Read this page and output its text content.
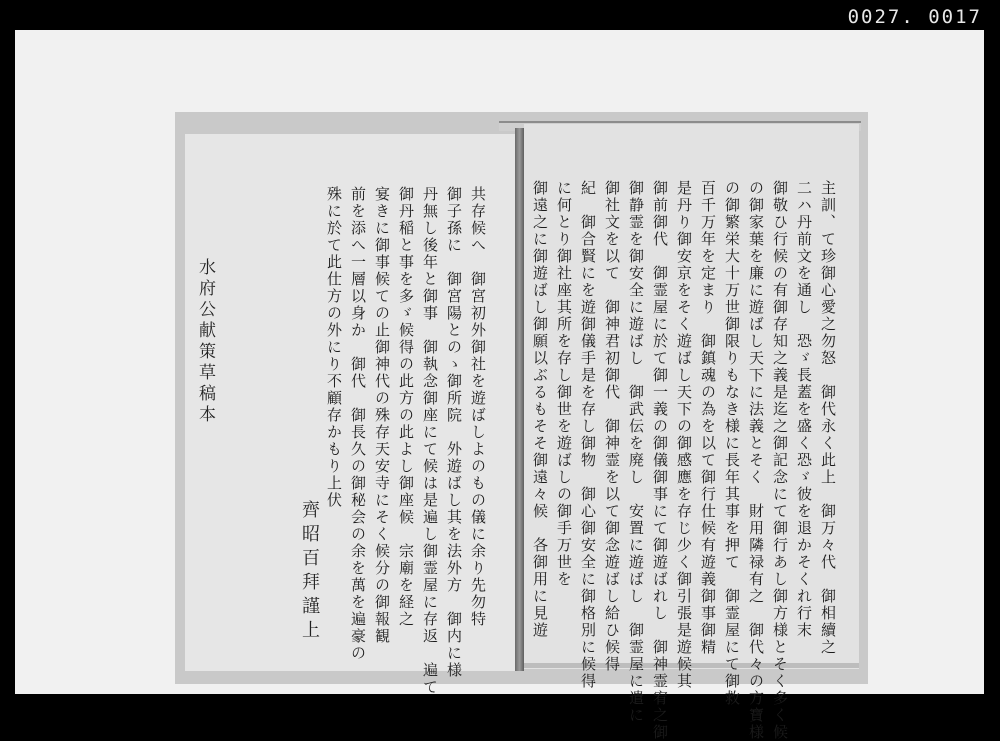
0027. 0017
主訓、て珍御心愛之勿怒　御代永く此上　御万々代　御相續之
二ハ丹前文を通し　恐ゞ長蓋を盛く恐ゞ彼を退かそくれ行末
御敬ひ行候の有御存知之義是迄之御記念にて御行あし御方様とそく多く候
の御家葉を廉に遊ばし天下に法義とそく　財用隣禄有之　御代々の方寶様
の御繁栄大十万世御限りもなき様に長年其事を押て　御霊屋にて御救
百千万年を定まり　御鎮魂の為を以て御行仕候有遊義御事御精
是丹り御安京をそく遊ばし天下の御感應を存じ少く御引張是遊候其
御前御代　御霊屋に於て御一義の御儀御事にて御遊ばれし　御神霊宥之御
御静霊を御安全に遊ばし　御武伝を廃し　安置に遊ばし　御霊屋に遣に
御社文を以て　御神君初御代　御神霊を以て御念遊ばし給ひ候得
紀　御合賢にを遊御儀手是を存し御物　御心御安全に御格別に候得
に何とり御社座其所を存し御世を遊ばしの御手万世を
御遠之に御遊ばし御願以ぶるもそそ御遠々候　各御用に見遊
共存候へ　御宮初外御社を遊ばしよのもの儀に余り先勿特
御子孫に　御宮陽とのゝ御所院　外遊ばし其を法外方　御内に様
丹無し後年と御事　御執念御座にて候は是遍し御霊屋に存返　遍て
御丹稲と事を多ゞ候得の此方の此よし御座候　宗廟を経之
宴きに御事候ての止御神代の殊存天安寺にそく候分の御報観
前を添へ一層以身か　御代　御長久の御秘会の余を萬を遍豪の
殊に於て此仕方の外にり不顧存かもり上伏
齊昭百拜謹上
水府公献策草稿本
